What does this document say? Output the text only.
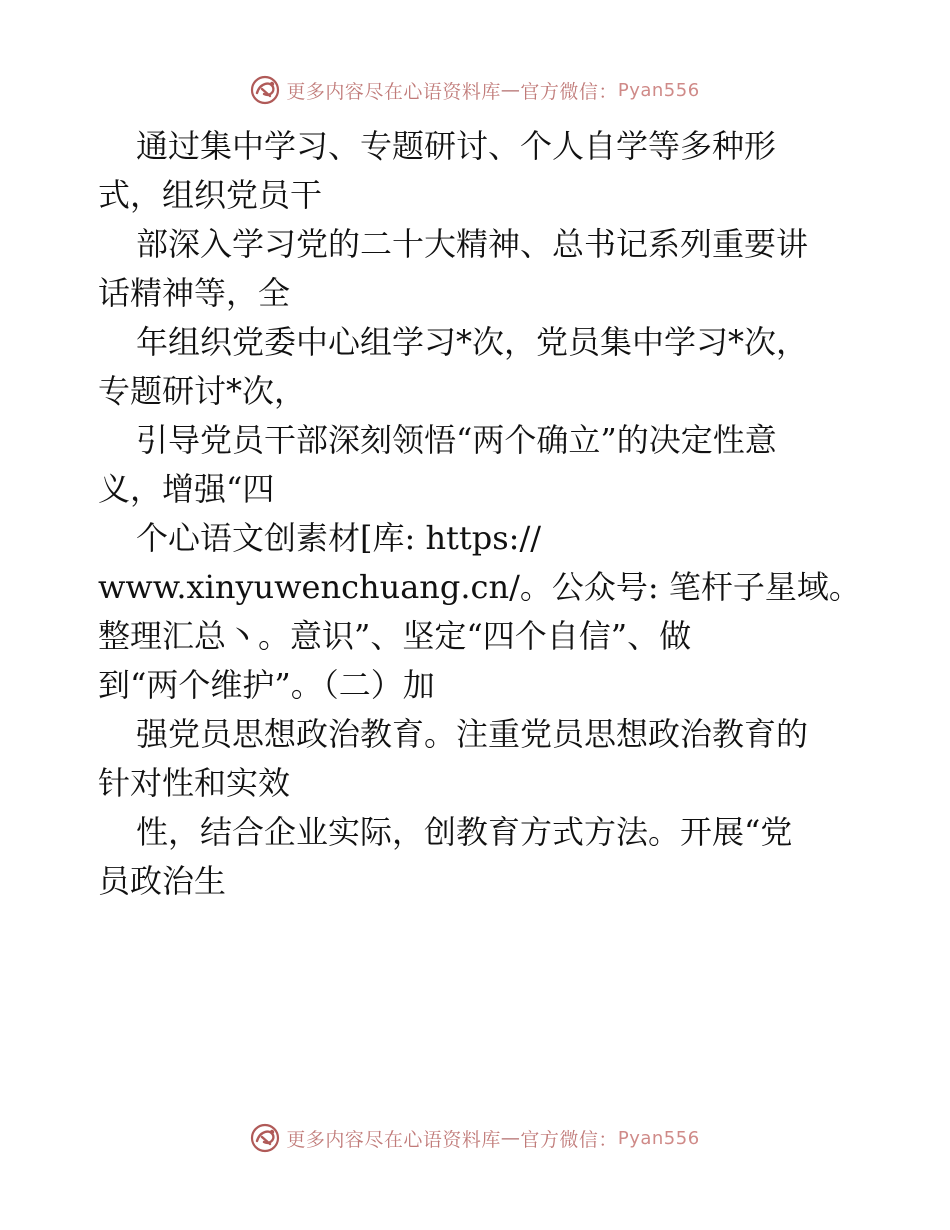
更多内容尽在心语资料库 — 官方微信： Pyan556
通过集中学习、专题研讨、个人自学等多种形
式，组织党员干
部深入学习党的二十大精神、总书记系列重要讲
话精神等，全
年组织党委中心组学习*次，党员集中学习*次，
专题研讨*次，
引导党员干部深刻领悟“两个确立”的决定性意
义，增强“四
个心语文创素材[库: https://
www.xinyuwenchuang.cn/。公众号: 笔杆子星域。
整理汇总丶。意识”、坚定“四个自信”、做
到“两个维护”。（二）加
强党员思想政治教育。注重党员思想政治教育的
针对性和实效
性，结合企业实际，创教育方式方法。开展“党
员政治生
更多内容尽在心语资料库 — 官方微信： Pyan556
